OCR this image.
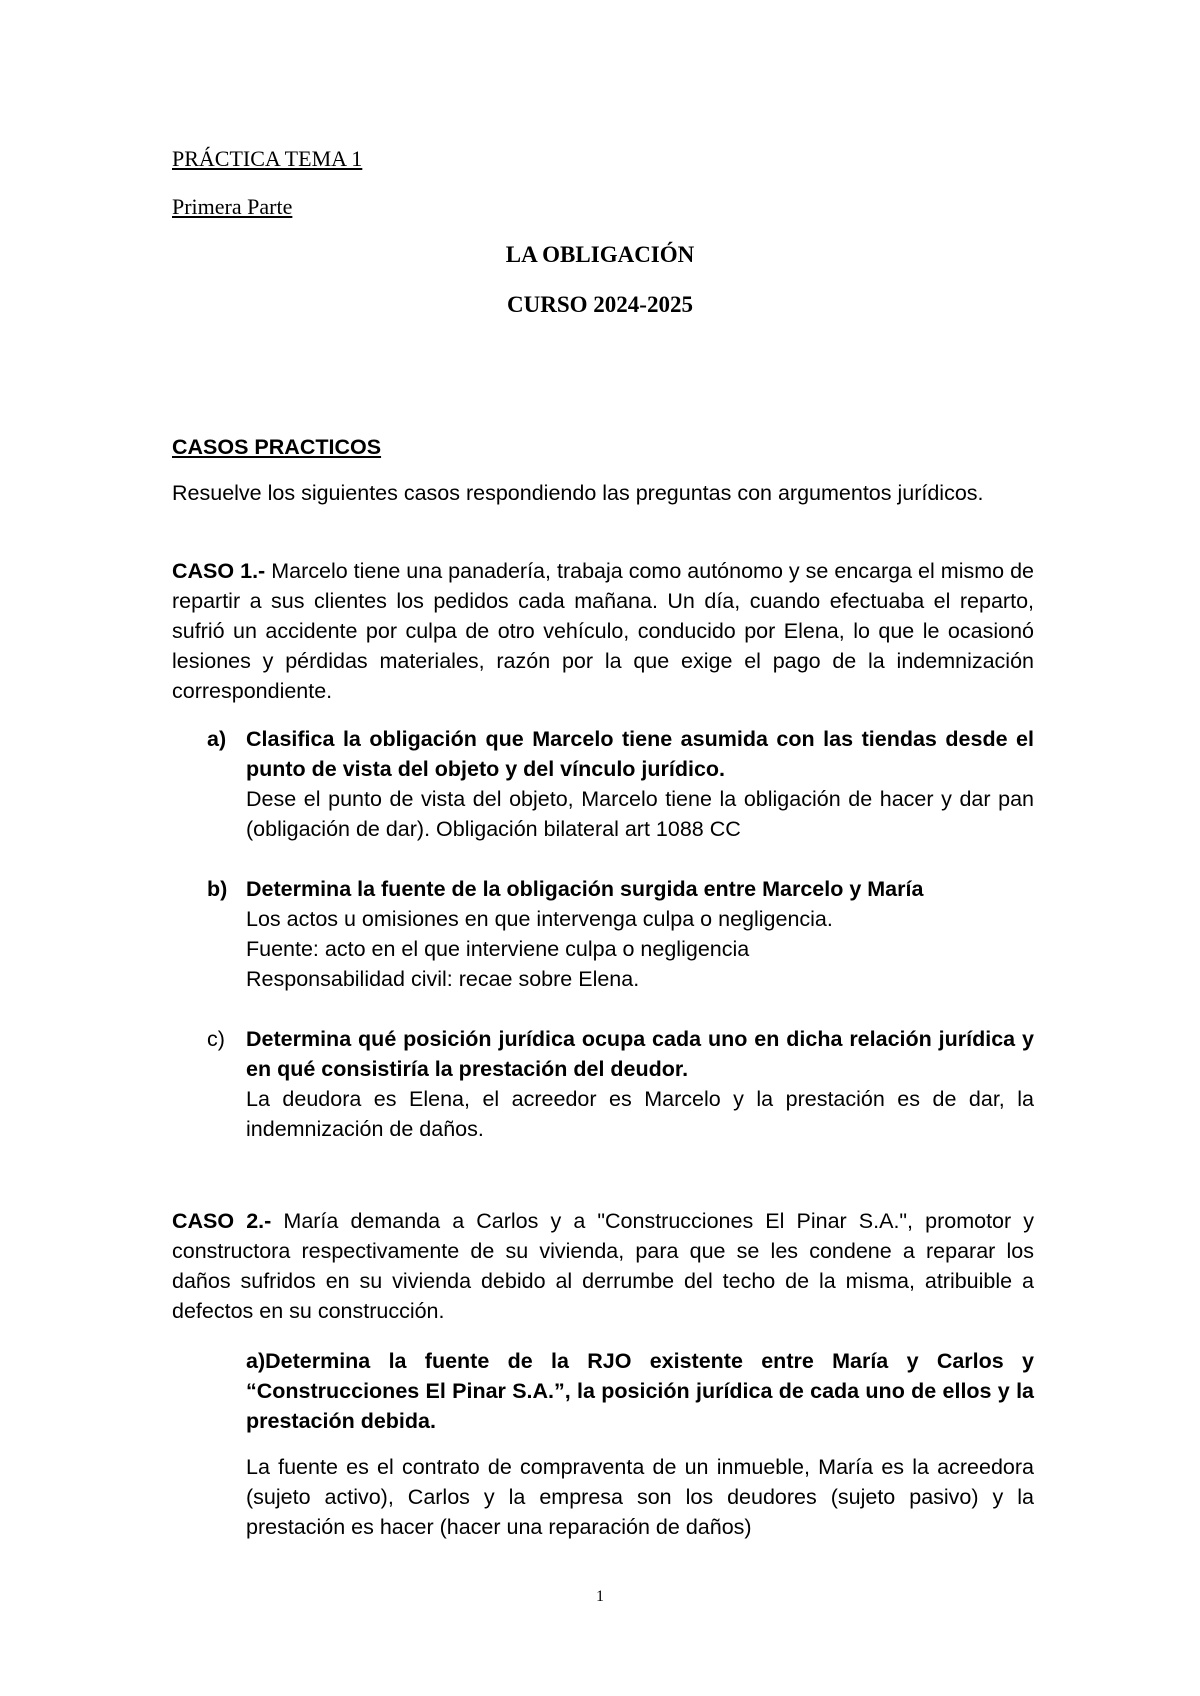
PRÁCTICA TEMA 1

Primera Parte

LA OBLIGACIÓN

CURSO 2024-2025

CASOS PRACTICOS

Resuelve los siguientes casos respondiendo las preguntas con argumentos jurídicos.

CASO 1.- Marcelo tiene una panadería, trabaja como autónomo y se encarga el mismo de repartir a sus clientes los pedidos cada mañana. Un día, cuando efectuaba el reparto, sufrió un accidente por culpa de otro vehículo, conducido por Elena, lo que le ocasionó lesiones y pérdidas materiales, razón por la que exige el pago de la indemnización correspondiente.

a) Clasifica la obligación que Marcelo tiene asumida con las tiendas desde el punto de vista del objeto y del vínculo jurídico.
Dese el punto de vista del objeto, Marcelo tiene la obligación de hacer y dar pan (obligación de dar). Obligación bilateral art 1088 CC
b) Determina la fuente de la obligación surgida entre Marcelo y María
Los actos u omisiones en que intervenga culpa o negligencia.
Fuente: acto en el que interviene culpa o negligencia
Responsabilidad civil: recae sobre Elena.
c) Determina qué posición jurídica ocupa cada uno en dicha relación jurídica y en qué consistiría la prestación del deudor.
La deudora es Elena, el acreedor es Marcelo y la prestación es de dar, la indemnización de daños.

CASO 2.- María demanda a Carlos y a "Construcciones El Pinar S.A.", promotor y constructora respectivamente de su vivienda, para que se les condene a reparar los daños sufridos en su vivienda debido al derrumbe del techo de la misma, atribuible a defectos en su construcción.

a)Determina la fuente de la RJO existente entre María y Carlos y “Construcciones El Pinar S.A.”, la posición jurídica de cada uno de ellos y la prestación debida.

La fuente es el contrato de compraventa de un inmueble, María es la acreedora (sujeto activo), Carlos y la empresa son los deudores (sujeto pasivo) y la prestación es hacer (hacer una reparación de daños)

1
